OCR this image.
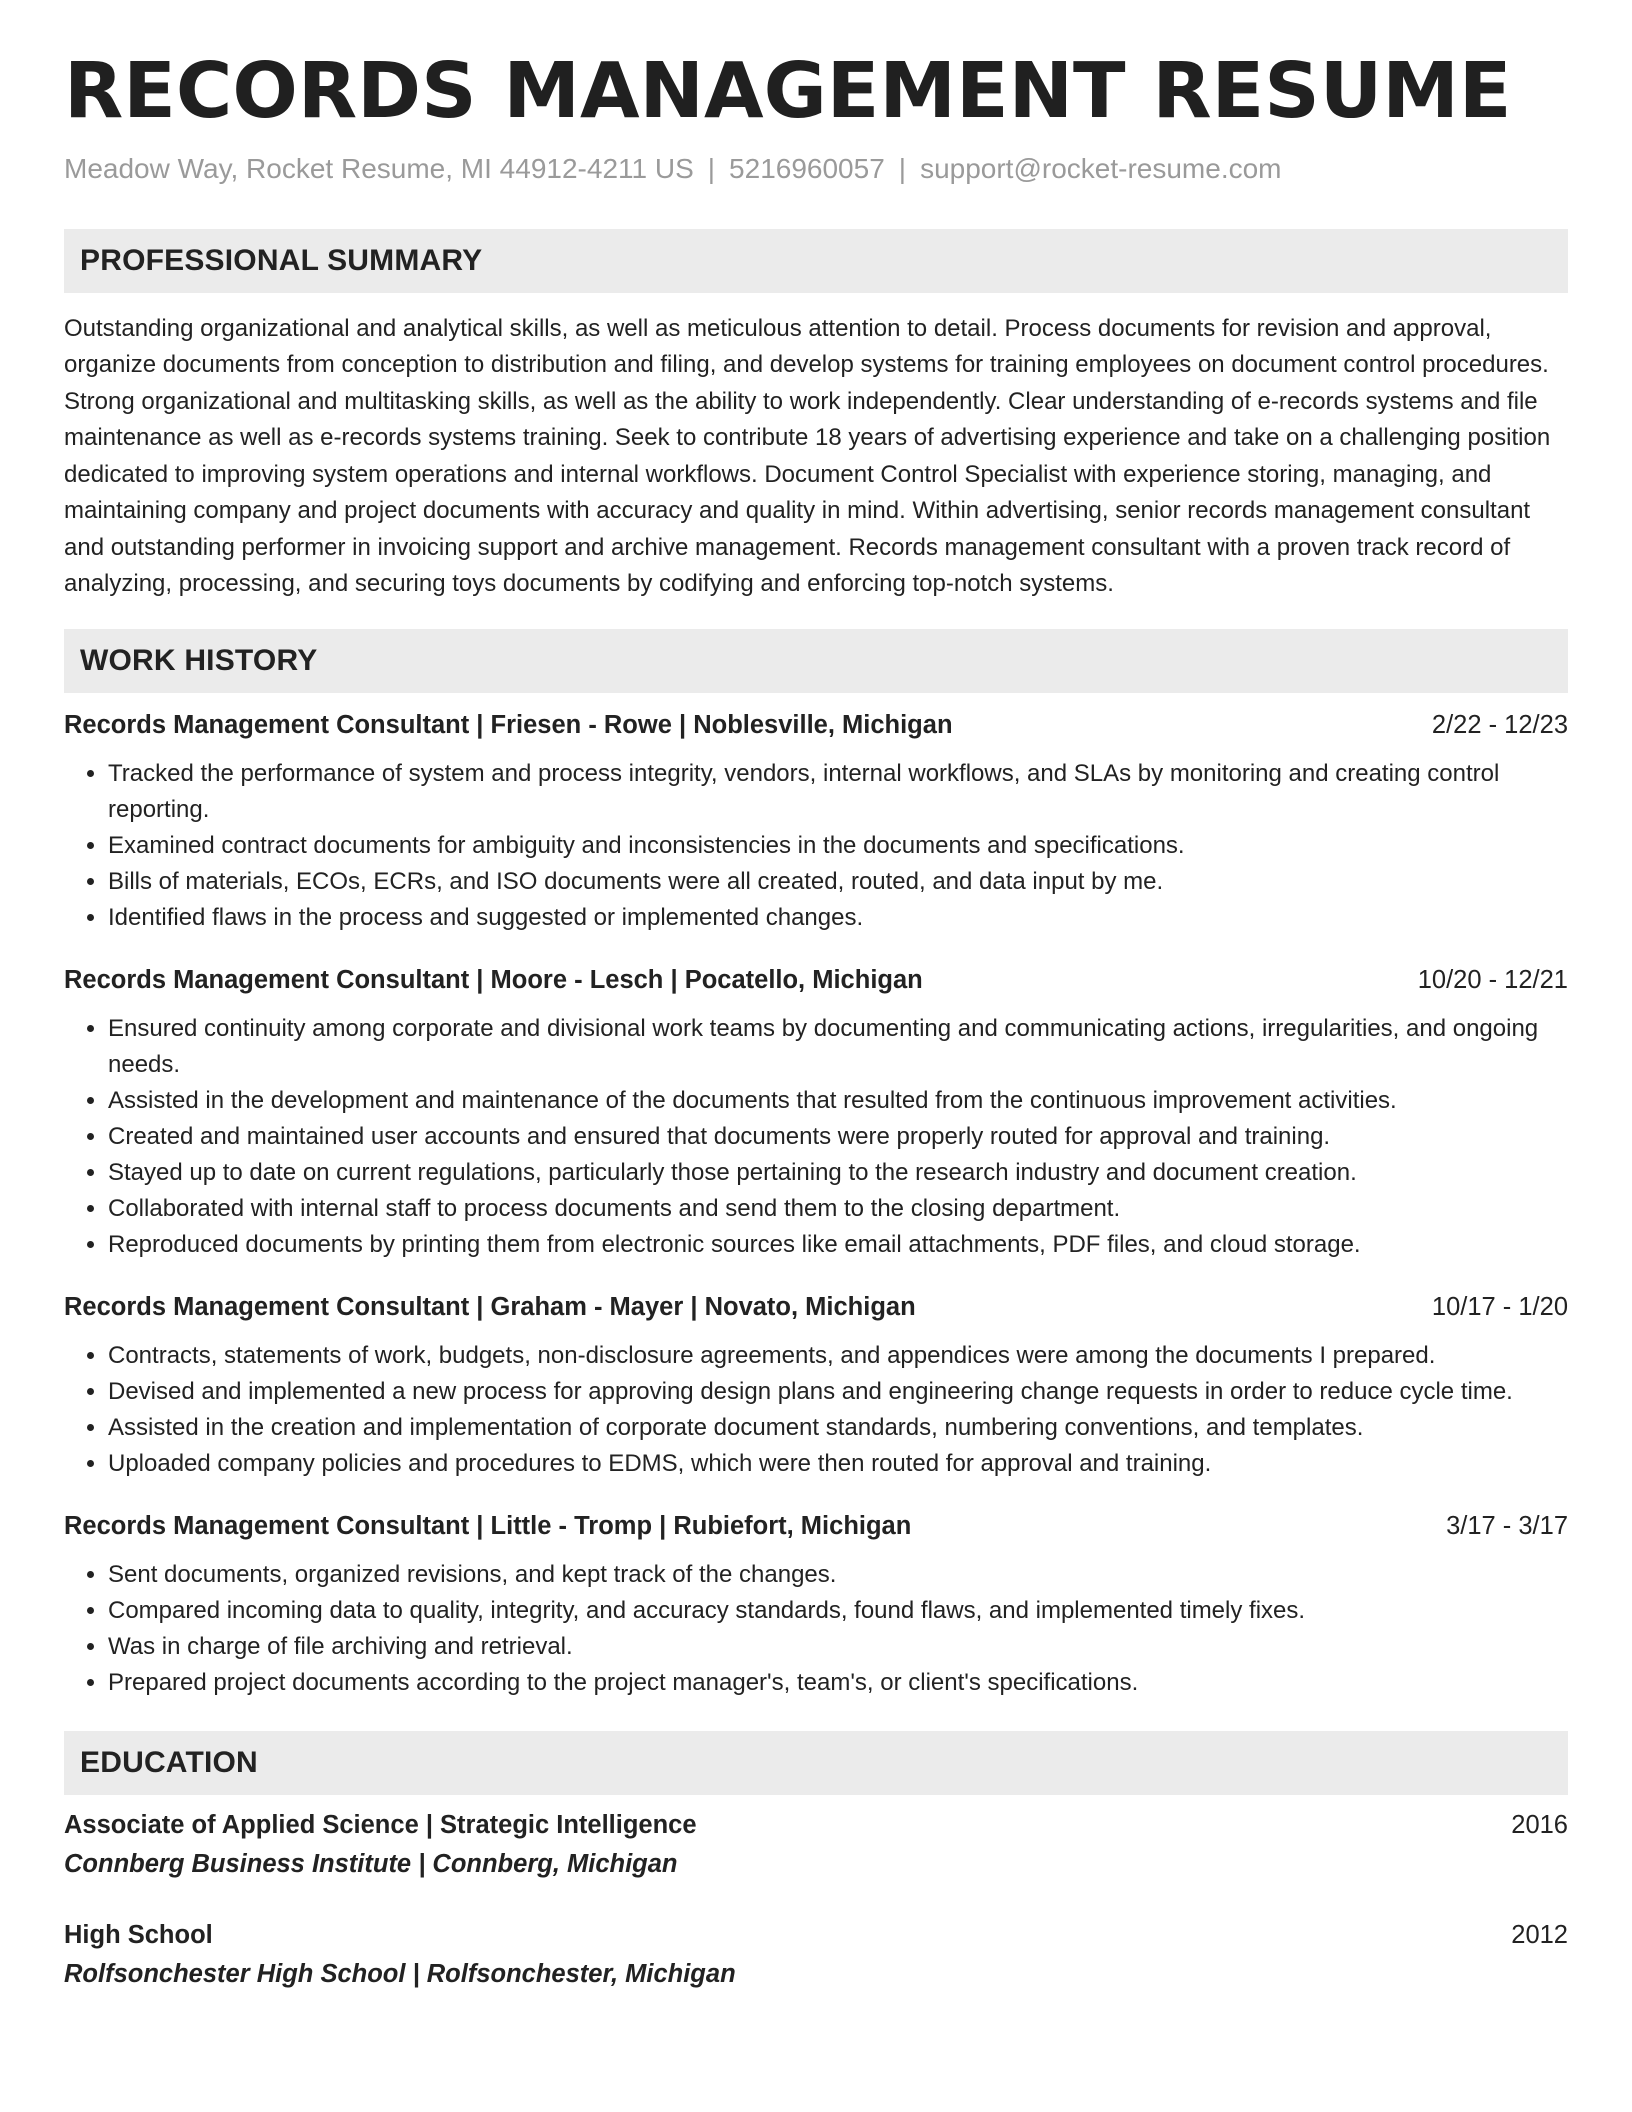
RECORDS MANAGEMENT RESUME
Meadow Way, Rocket Resume, MI 44912-4211 US | 5216960057 | support@rocket-resume.com
PROFESSIONAL SUMMARY

Outstanding organizational and analytical skills, as well as meticulous attention to detail. Process documents for revision and approval, organize documents from conception to distribution and filing, and develop systems for training employees on document control procedures. Strong organizational and multitasking skills, as well as the ability to work independently. Clear understanding of e-records systems and file maintenance as well as e-records systems training. Seek to contribute 18 years of advertising experience and take on a challenging position dedicated to improving system operations and internal workflows. Document Control Specialist with experience storing, managing, and maintaining company and project documents with accuracy and quality in mind. Within advertising, senior records management consultant and outstanding performer in invoicing support and archive management. Records management consultant with a proven track record of analyzing, processing, and securing toys documents by codifying and enforcing top-notch systems.

WORK HISTORY
Records Management Consultant | Friesen - Rowe | Noblesville, Michigan	2/22 - 12/23
• Tracked the performance of system and process integrity, vendors, internal workflows, and SLAs by monitoring and creating control reporting.
• Examined contract documents for ambiguity and inconsistencies in the documents and specifications.
• Bills of materials, ECOs, ECRs, and ISO documents were all created, routed, and data input by me.
• Identified flaws in the process and suggested or implemented changes.
Records Management Consultant | Moore - Lesch | Pocatello, Michigan	10/20 - 12/21
• Ensured continuity among corporate and divisional work teams by documenting and communicating actions, irregularities, and ongoing needs.
• Assisted in the development and maintenance of the documents that resulted from the continuous improvement activities.
• Created and maintained user accounts and ensured that documents were properly routed for approval and training.
• Stayed up to date on current regulations, particularly those pertaining to the research industry and document creation.
• Collaborated with internal staff to process documents and send them to the closing department.
• Reproduced documents by printing them from electronic sources like email attachments, PDF files, and cloud storage.
Records Management Consultant | Graham - Mayer | Novato, Michigan	10/17 - 1/20
• Contracts, statements of work, budgets, non-disclosure agreements, and appendices were among the documents I prepared.
• Devised and implemented a new process for approving design plans and engineering change requests in order to reduce cycle time.
• Assisted in the creation and implementation of corporate document standards, numbering conventions, and templates.
• Uploaded company policies and procedures to EDMS, which were then routed for approval and training.
Records Management Consultant | Little - Tromp | Rubiefort, Michigan	3/17 - 3/17
• Sent documents, organized revisions, and kept track of the changes.
• Compared incoming data to quality, integrity, and accuracy standards, found flaws, and implemented timely fixes.
• Was in charge of file archiving and retrieval.
• Prepared project documents according to the project manager's, team's, or client's specifications.
EDUCATION
Associate of Applied Science | Strategic Intelligence	2016
Connberg Business Institute | Connberg, Michigan
High School	2012
Rolfsonchester High School | Rolfsonchester, Michigan
